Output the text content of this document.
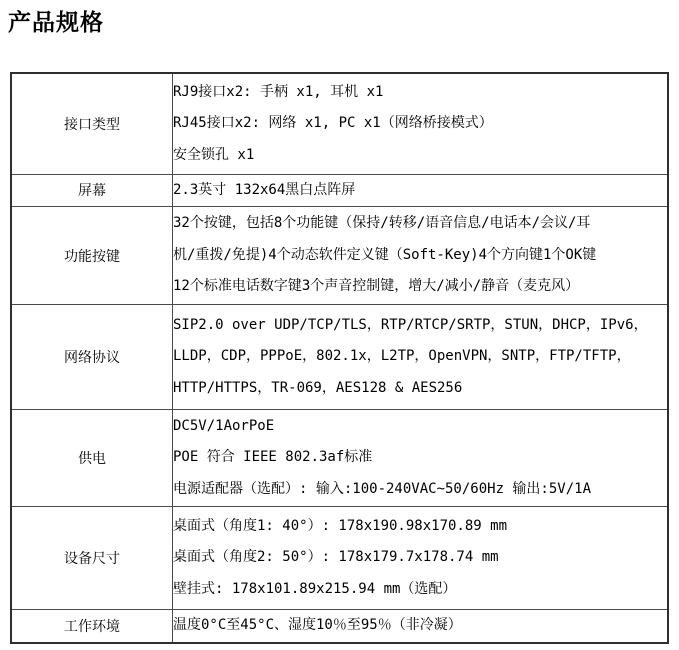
产品规格
接口类型	RJ9接口x2: 手柄 x1, 耳机 x1
RJ45接口x2: 网络 x1, PC x1（网络桥接模式）
安全锁孔 x1

屏幕	2.3英寸 132x64黑白点阵屏

功能按键	32个按键，包括8个功能键（保持/转移/语音信息/电话本/会议/耳
机/重拨/免提)4个动态软件定义键（Soft-Key)4个方向键1个OK键
12个标准电话数字键3个声音控制键，增大/减小/静音（麦克风）

网络协议	SIP2.0 over UDP/TCP/TLS，RTP/RTCP/SRTP，STUN，DHCP，IPv6，
LLDP，CDP，PPPoE，802.1x，L2TP，OpenVPN，SNTP，FTP/TFTP，
HTTP/HTTPS，TR-069，AES128 & AES256

供电	DC5V/1AorPoE
POE 符合 IEEE 802.3af标准
电源适配器（选配）: 输入:100-240VAC~50/60Hz 输出:5V/1A

设备尺寸	桌面式（角度1: 40°）: 178x190.98x170.89 mm
桌面式（角度2: 50°）: 178x179.7x178.74 mm
壁挂式: 178x101.89x215.94 mm（选配）

工作环境	温度0°C至45°C、湿度10％至95％（非冷凝）
